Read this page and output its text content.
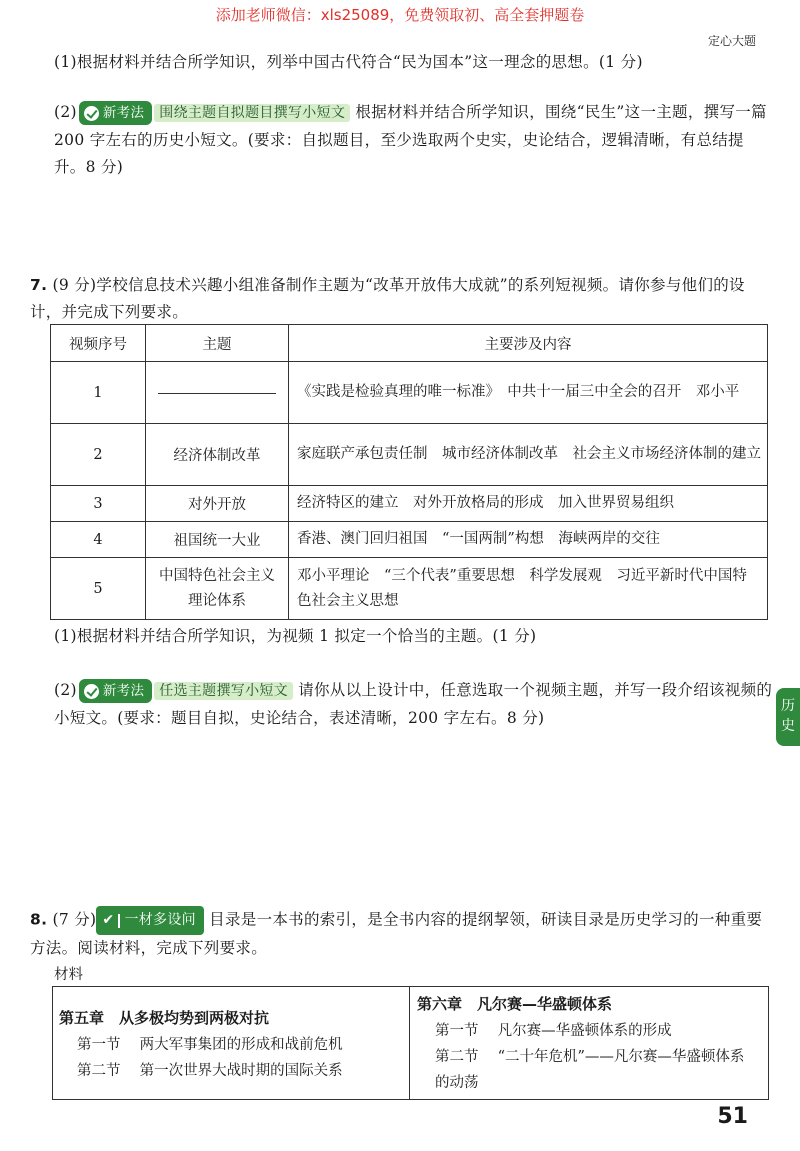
添加老师微信：xls25089，免费领取初、高全套押题卷
定心大题
(1)根据材料并结合所学知识，列举中国古代符合“民为国本”这一理念的思想。(1 分)
(2) 新考法 围绕主题自拟题目撰写小短文 根据材料并结合所学知识，围绕“民生”这一主题，撰写一篇 200 字左右的历史小短文。(要求：自拟题目，至少选取两个史实，史论结合，逻辑清晰，有总结提升。8 分)
7. (9 分)学校信息技术兴趣小组准备制作主题为“改革开放伟大成就”的系列短视频。请你参与他们的设计，并完成下列要求。
视频序号	主题	主要涉及内容
1		《实践是检验真理的唯一标准》　中共十一届三中全会的召开　邓小平
2	经济体制改革	家庭联产承包责任制　城市经济体制改革　社会主义市场经济体制的建立
3	对外开放	经济特区的建立　对外开放格局的形成　加入世界贸易组织
4	祖国统一大业	香港、澳门回归祖国　“一国两制”构想　海峡两岸的交往
5	中国特色社会主义理论体系	邓小平理论　“三个代表”重要思想　科学发展观　习近平新时代中国特色社会主义思想
(1)根据材料并结合所学知识，为视频 1 拟定一个恰当的主题。(1 分)
(2) 新考法 任选主题撰写小短文 请你从以上设计中，任意选取一个视频主题，并写一段介绍该视频的小短文。(要求：题目自拟，史论结合，表述清晰，200 字左右。8 分)
历史
8. (7 分) ✔ 一材多设问 目录是一本书的索引，是全书内容的提纲挈领，研读目录是历史学习的一种重要方法。阅读材料，完成下列要求。
材料
第五章　从多极均势到两极对抗
第一节　 两大军事集团的形成和战前危机
第二节　 第一次世界大战时期的国际关系
第六章　凡尔赛—华盛顿体系
第一节　 凡尔赛—华盛顿体系的形成
第二节　 “二十年危机”——凡尔赛—华盛顿体系的动荡
51
